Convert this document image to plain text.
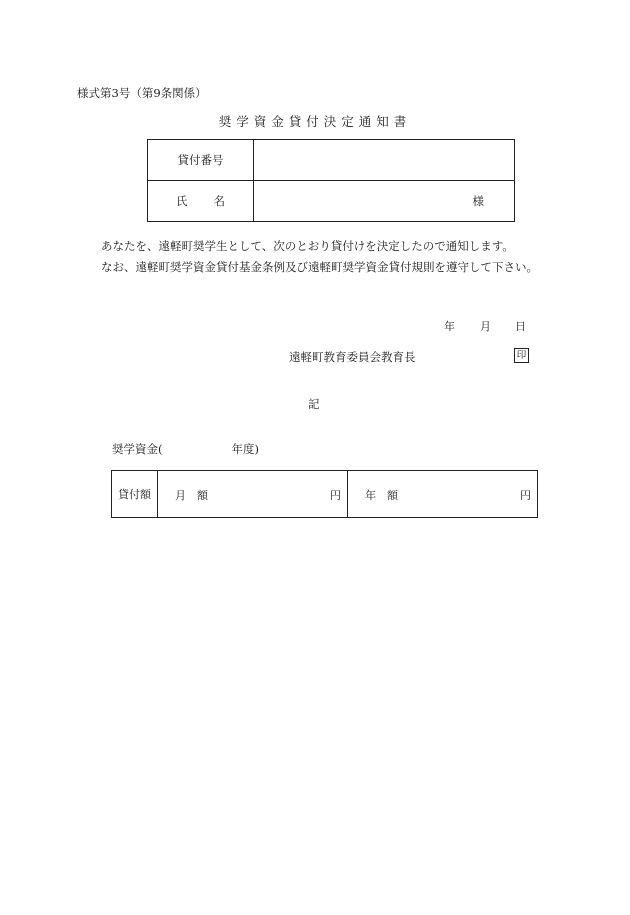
様式第3号（第9条関係）
奨学資金貸付決定通知書
貸付番号	
氏名	様
あなたを、遠軽町奨学生として、次のとおり貸付けを決定したので通知します。
なお、遠軽町奨学資金貸付基金条例及び遠軽町奨学資金貸付規則を遵守して下さい。
年 月 日
遠軽町教育委員会教育長	印
記
奨学資金(　　　　　　年度)
貸付額	月　額	円	年　額	円
